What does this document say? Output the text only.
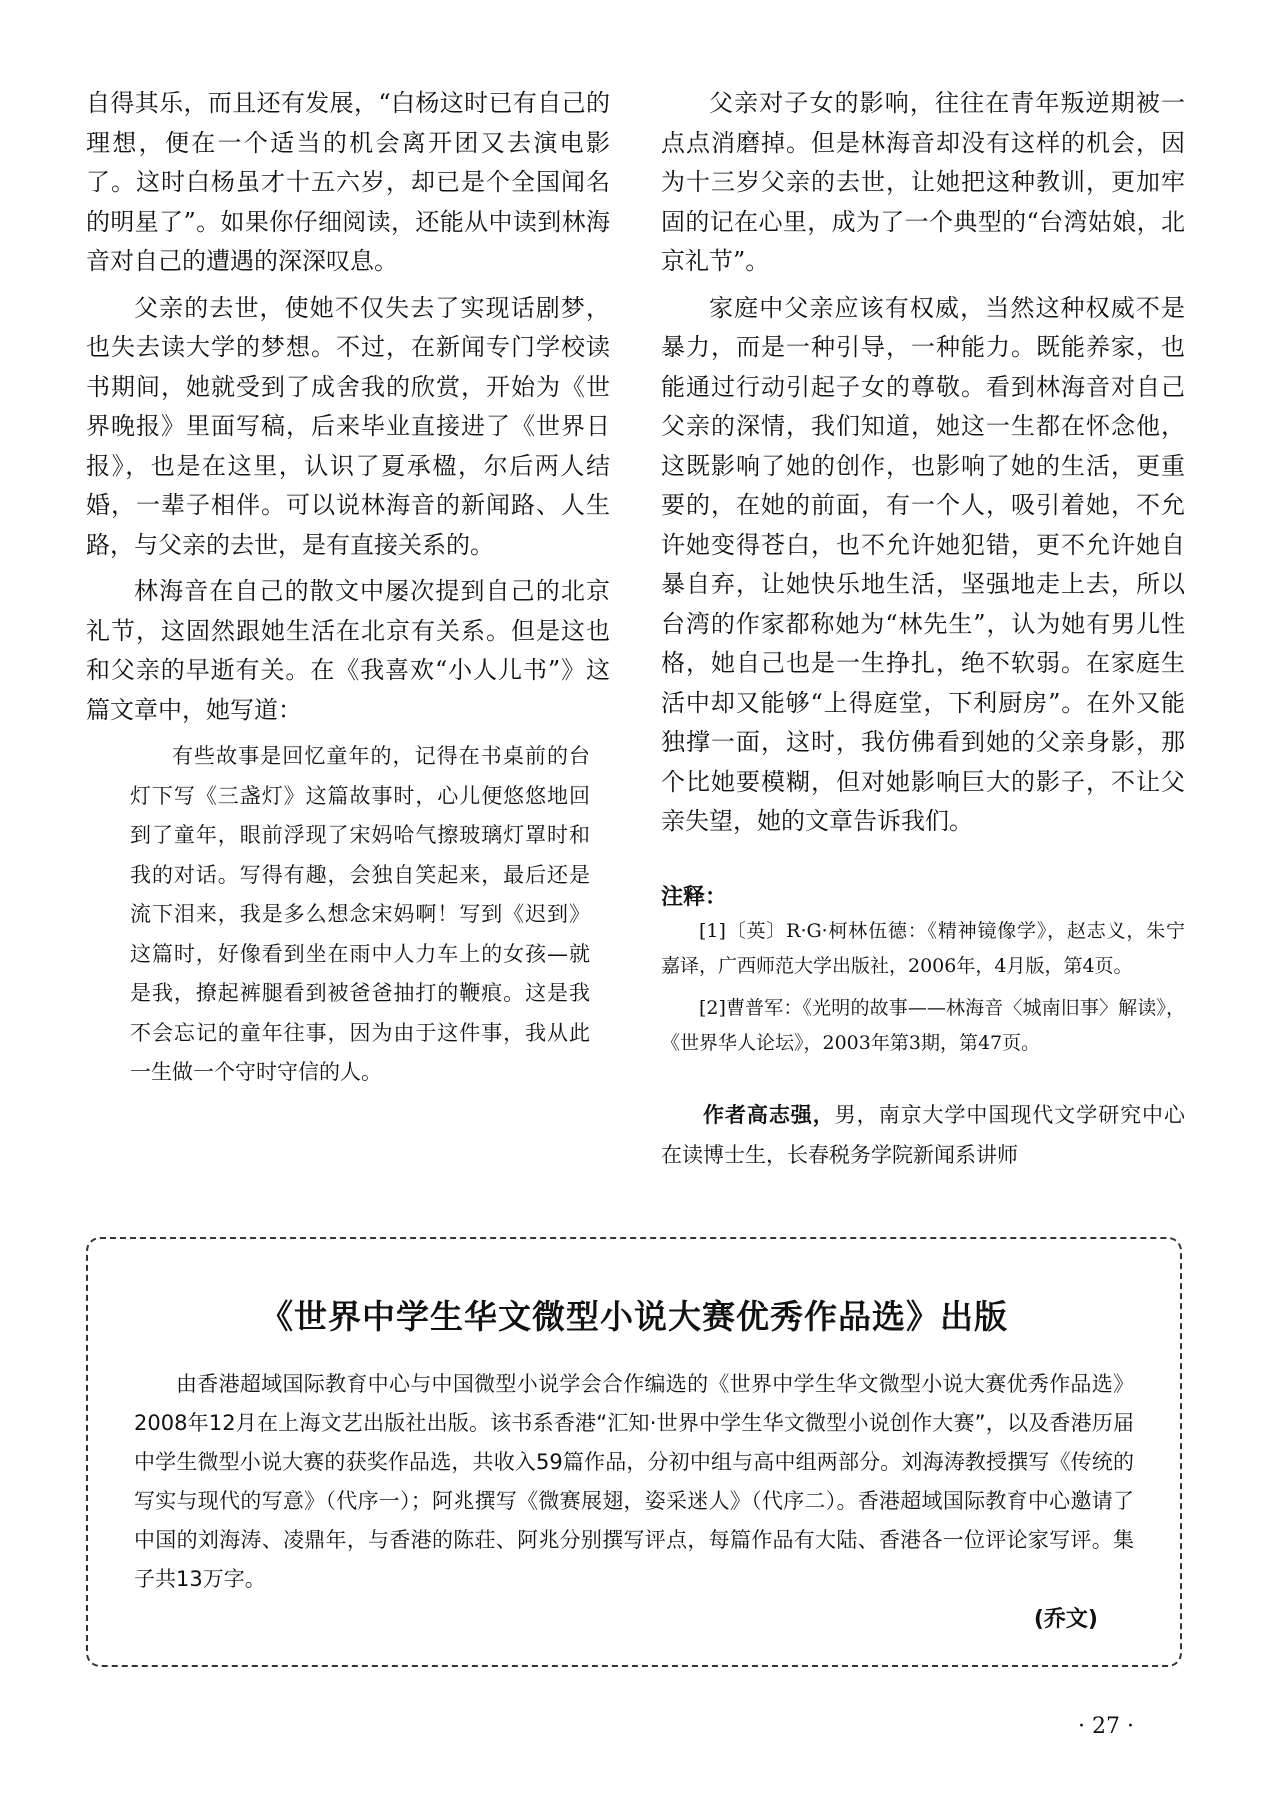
自得其乐，而且还有发展，“白杨这时已有自己的理想，便在一个适当的机会离开团又去演电影了。这时白杨虽才十五六岁，却已是个全国闻名的明星了”。如果你仔细阅读，还能从中读到林海音对自己的遭遇的深深叹息。

父亲的去世，使她不仅失去了实现话剧梦，也失去读大学的梦想。不过，在新闻专门学校读书期间，她就受到了成舍我的欣赏，开始为《世界晚报》里面写稿，后来毕业直接进了《世界日报》，也是在这里，认识了夏承楹，尔后两人结婚，一辈子相伴。可以说林海音的新闻路、人生路，与父亲的去世，是有直接关系的。

林海音在自己的散文中屡次提到自己的北京礼节，这固然跟她生活在北京有关系。但是这也和父亲的早逝有关。在《我喜欢“小人儿书”》这篇文章中，她写道：

有些故事是回忆童年的，记得在书桌前的台灯下写《三盏灯》这篇故事时，心儿便悠悠地回到了童年，眼前浮现了宋妈哈气擦玻璃灯罩时和我的对话。写得有趣，会独自笑起来，最后还是流下泪来，我是多么想念宋妈啊！写到《迟到》这篇时，好像看到坐在雨中人力车上的女孩—就是我，撩起裤腿看到被爸爸抽打的鞭痕。这是我不会忘记的童年往事，因为由于这件事，我从此一生做一个守时守信的人。

父亲对子女的影响，往往在青年叛逆期被一点点消磨掉。但是林海音却没有这样的机会，因为十三岁父亲的去世，让她把这种教训，更加牢固的记在心里，成为了一个典型的“台湾姑娘，北京礼节”。

家庭中父亲应该有权威，当然这种权威不是暴力，而是一种引导，一种能力。既能养家，也能通过行动引起子女的尊敬。看到林海音对自己父亲的深情，我们知道，她这一生都在怀念他，这既影响了她的创作，也影响了她的生活，更重要的，在她的前面，有一个人，吸引着她，不允许她变得苍白，也不允许她犯错，更不允许她自暴自弃，让她快乐地生活，坚强地走上去，所以台湾的作家都称她为“林先生”，认为她有男儿性格，她自己也是一生挣扎，绝不软弱。在家庭生活中却又能够“上得庭堂，下利厨房”。在外又能独撑一面，这时，我仿佛看到她的父亲身影，那个比她要模糊，但对她影响巨大的影子，不让父亲失望，她的文章告诉我们。

注释：

[1]〔英〕R·G·柯林伍德：《精神镜像学》，赵志义，朱宁嘉译，广西师范大学出版社，2006年，4月版，第4页。

[2]曹普军：《光明的故事——林海音〈城南旧事〉解读》，《世界华人论坛》，2003年第3期，第47页。

作者高志强，男，南京大学中国现代文学研究中心在读博士生，长春税务学院新闻系讲师
《世界中学生华文微型小说大赛优秀作品选》出版

由香港超域国际教育中心与中国微型小说学会合作编选的《世界中学生华文微型小说大赛优秀作品选》2008年12月在上海文艺出版社出版。该书系香港“汇知·世界中学生华文微型小说创作大赛”，以及香港历届中学生微型小说大赛的获奖作品选，共收入59篇作品，分初中组与高中组两部分。刘海涛教授撰写《传统的写实与现代的写意》（代序一）；阿兆撰写《微赛展翅，姿采迷人》（代序二）。香港超域国际教育中心邀请了中国的刘海涛、凌鼎年，与香港的陈荘、阿兆分别撰写评点，每篇作品有大陆、香港各一位评论家写评。集子共13万字。

(乔文)
· 27 ·
